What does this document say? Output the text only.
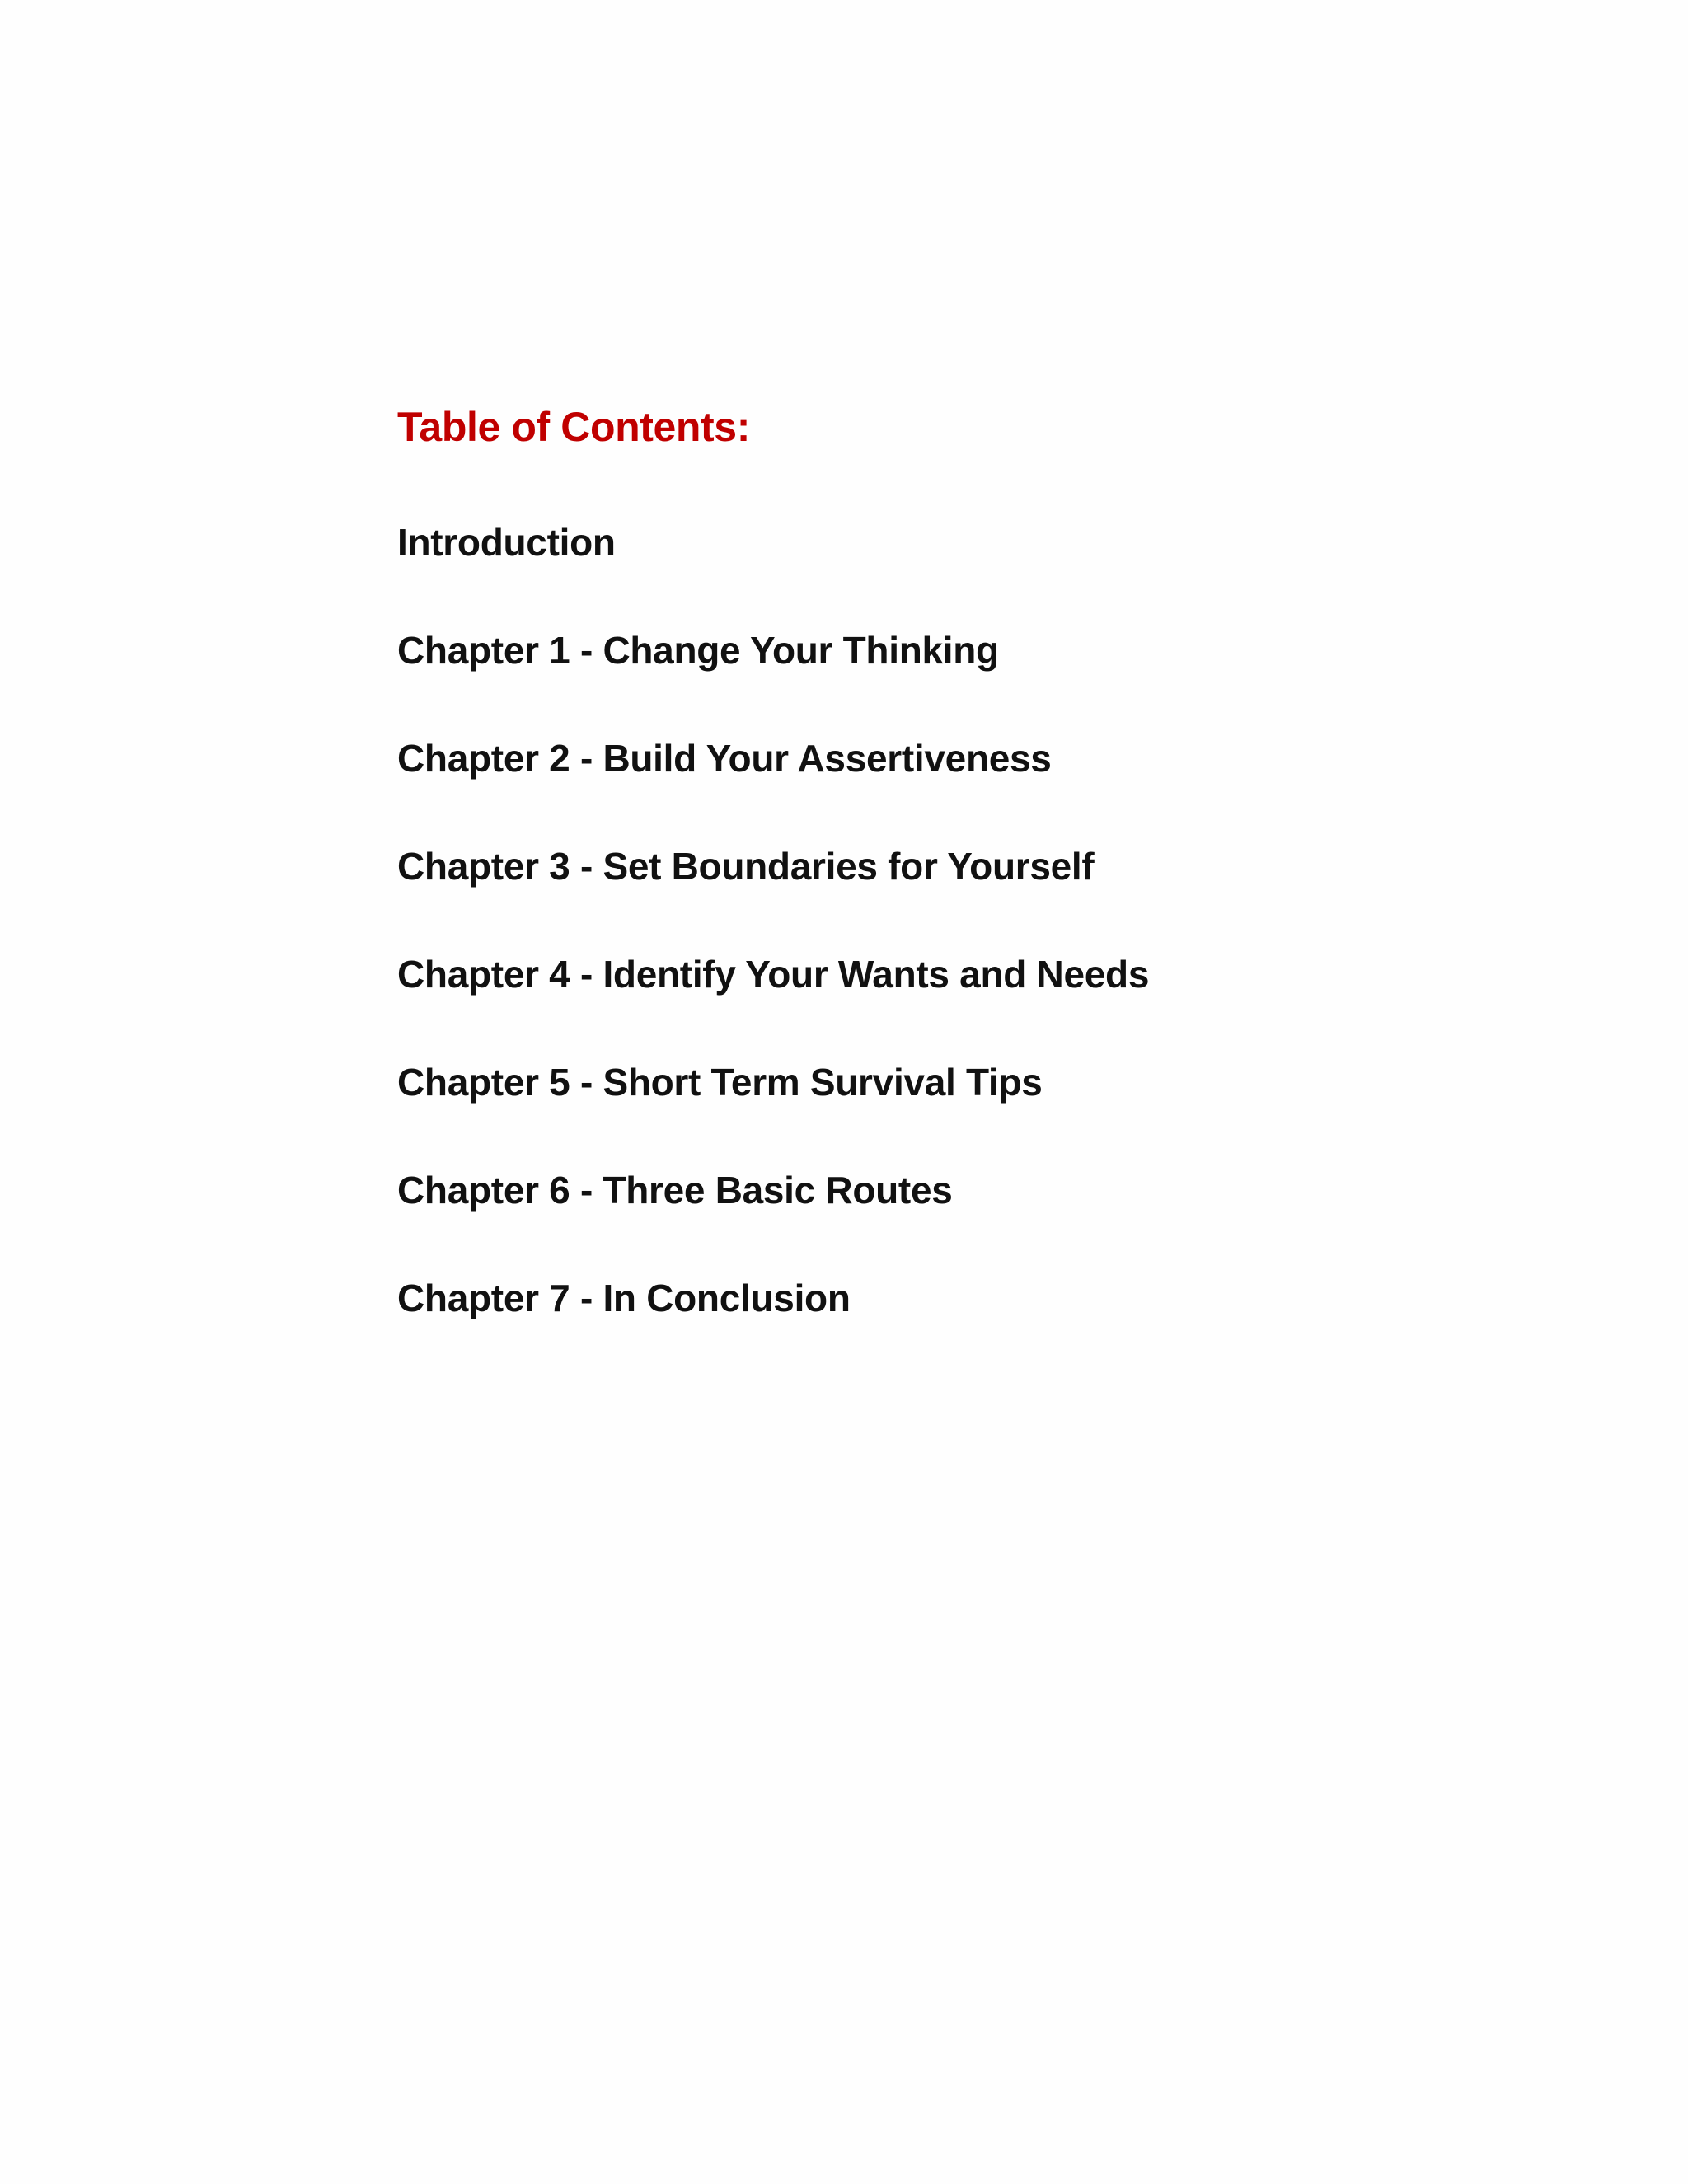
Table of Contents:
Introduction
Chapter 1 - Change Your Thinking
Chapter 2 - Build Your Assertiveness
Chapter 3 - Set Boundaries for Yourself
Chapter 4 - Identify Your Wants and Needs
Chapter 5 - Short Term Survival Tips
Chapter 6 - Three Basic Routes
Chapter 7 - In Conclusion
